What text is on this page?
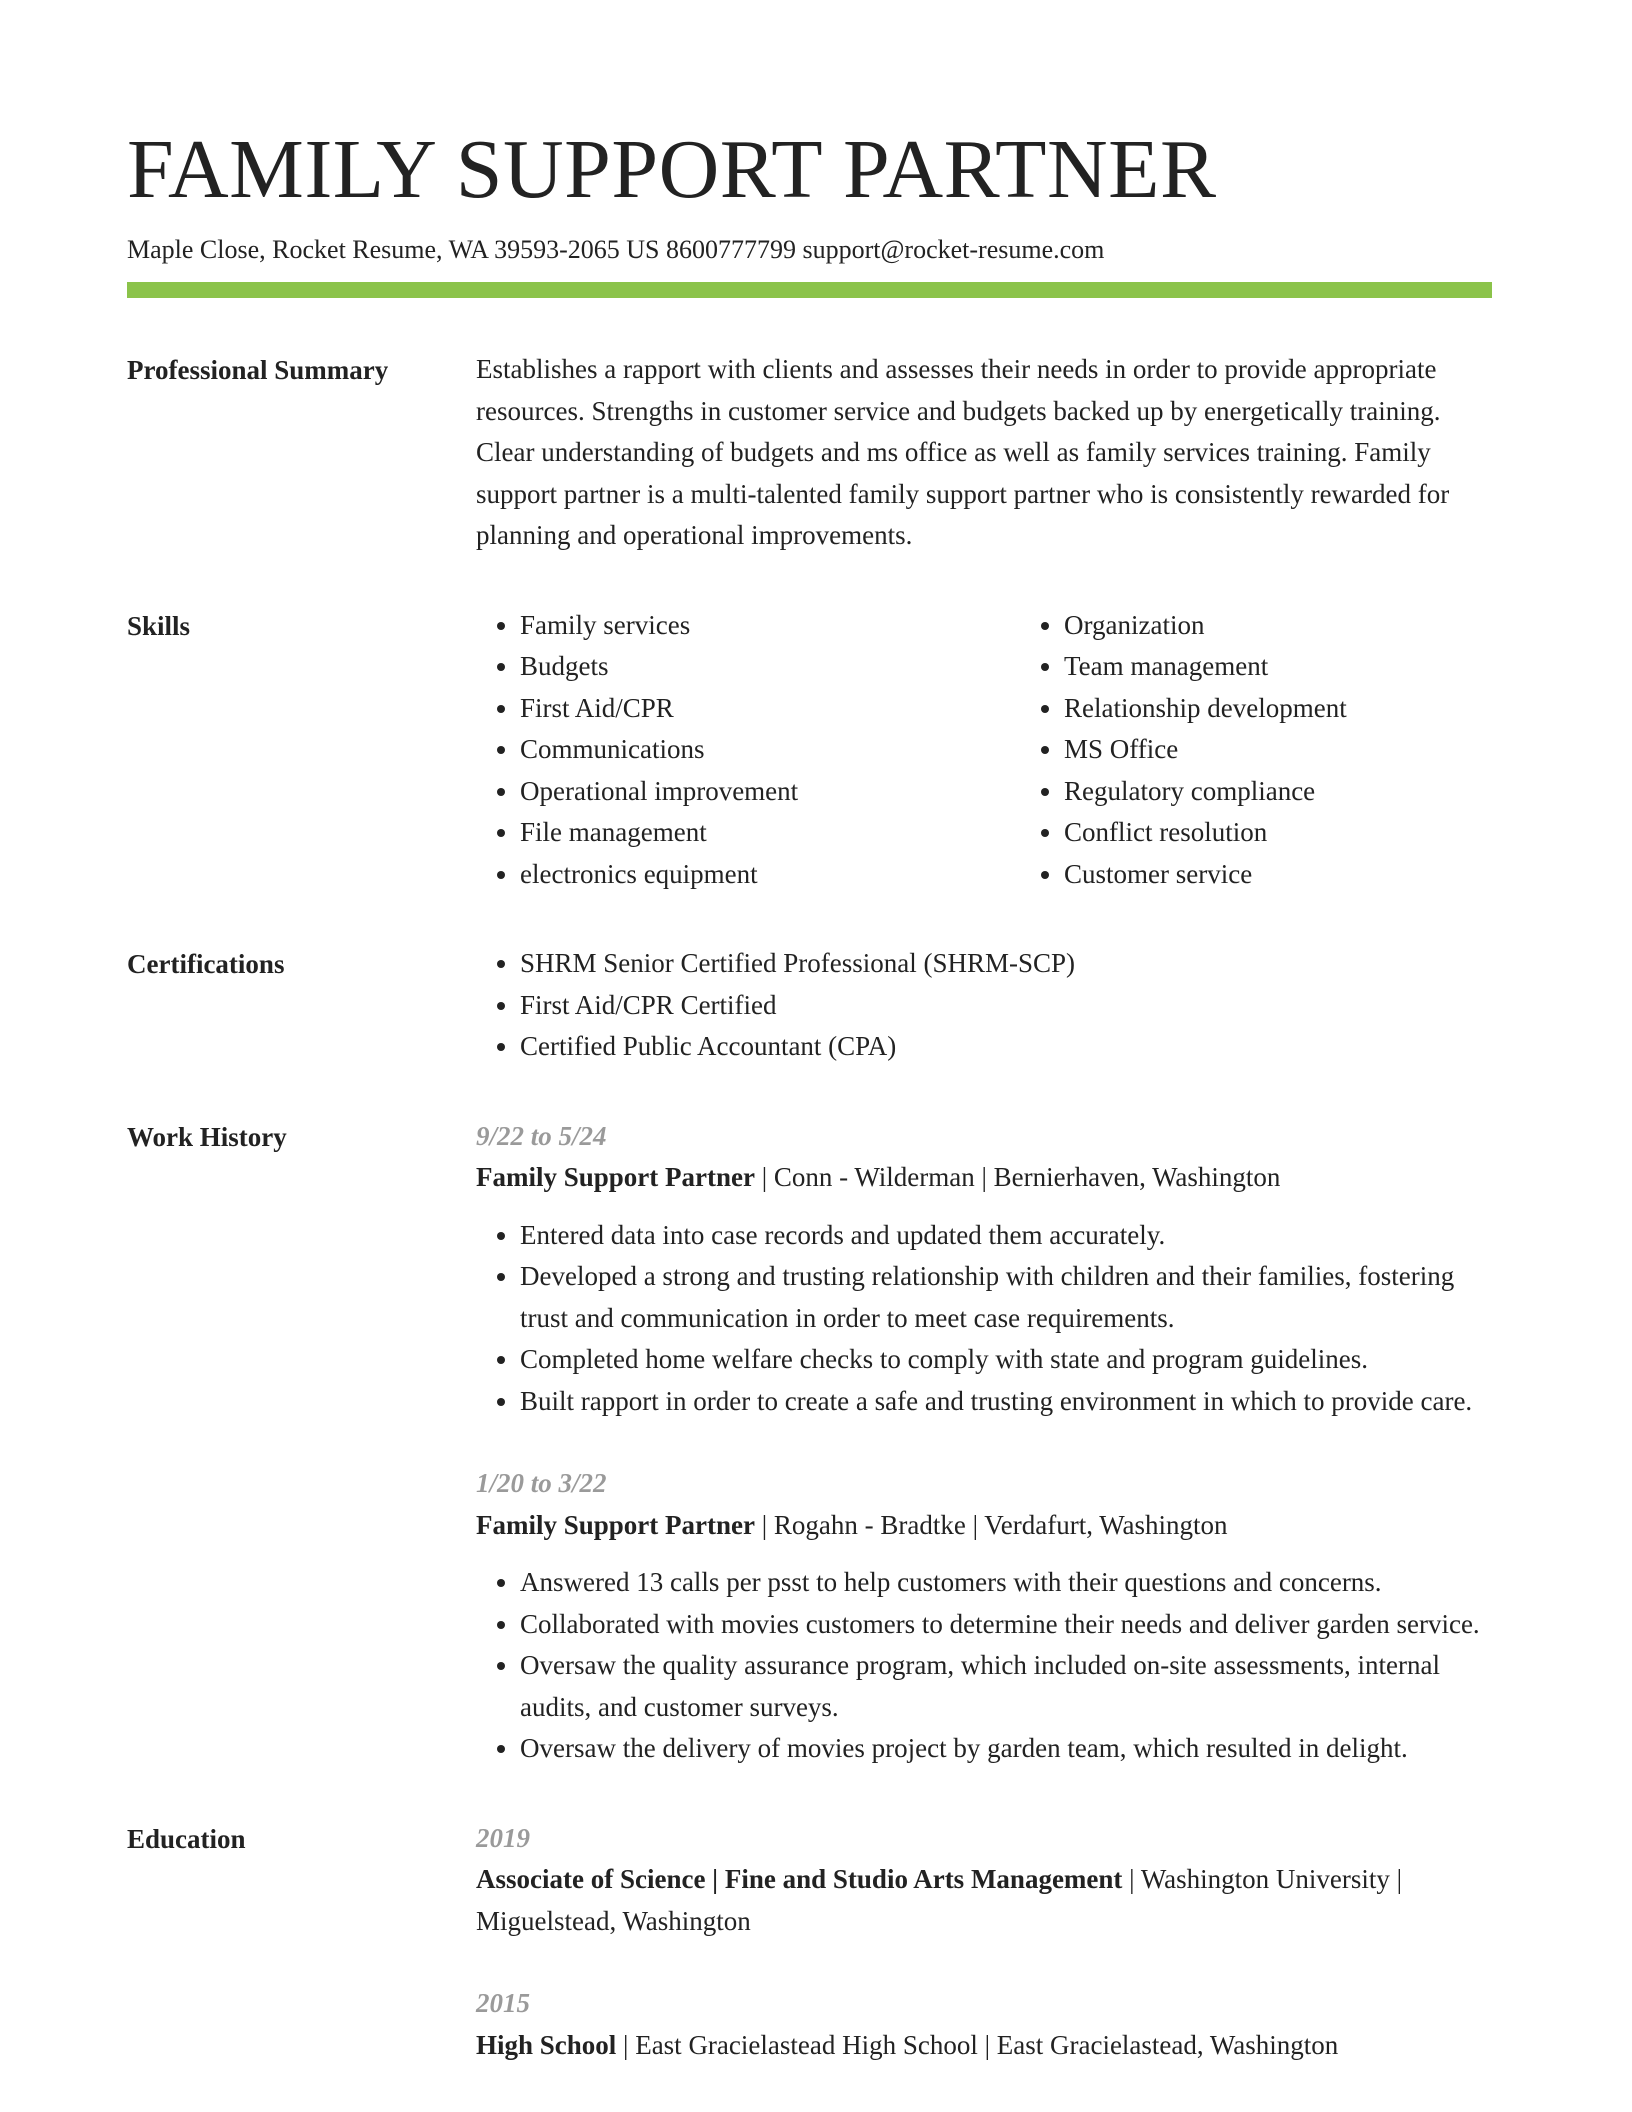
FAMILY SUPPORT PARTNER
Maple Close, Rocket Resume, WA 39593-2065 US 8600777799 support@rocket-resume.com
Professional Summary	Establishes a rapport with clients and assesses their needs in order to provide appropriate resources. Strengths in customer service and budgets backed up by energetically training. Clear understanding of budgets and ms office as well as family services training. Family support partner is a multi-talented family support partner who is consistently rewarded for planning and operational improvements.

Skills	• Family services
• Budgets
• First Aid/CPR
• Communications
• Operational improvement
• File management
• electronics equipment
• Organization
• Team management
• Relationship development
• MS Office
• Regulatory compliance
• Conflict resolution
• Customer service
Certifications	• SHRM Senior Certified Professional (SHRM-SCP)
• First Aid/CPR Certified
• Certified Public Accountant (CPA)
Work History	9/22 to 5/24
Family Support Partner | Conn - Wilderman | Bernierhaven, Washington
• Entered data into case records and updated them accurately.
• Developed a strong and trusting relationship with children and their families, fostering trust and communication in order to meet case requirements.
• Completed home welfare checks to comply with state and program guidelines.
• Built rapport in order to create a safe and trusting environment in which to provide care.
1/20 to 3/22
Family Support Partner | Rogahn - Bradtke | Verdafurt, Washington
• Answered 13 calls per psst to help customers with their questions and concerns.
• Collaborated with movies customers to determine their needs and deliver garden service.
• Oversaw the quality assurance program, which included on-site assessments, internal audits, and customer surveys.
• Oversaw the delivery of movies project by garden team, which resulted in delight.
Education	2019
Associate of Science | Fine and Studio Arts Management | Washington University | Miguelstead, Washington
2015
High School | East Gracielastead High School | East Gracielastead, Washington
